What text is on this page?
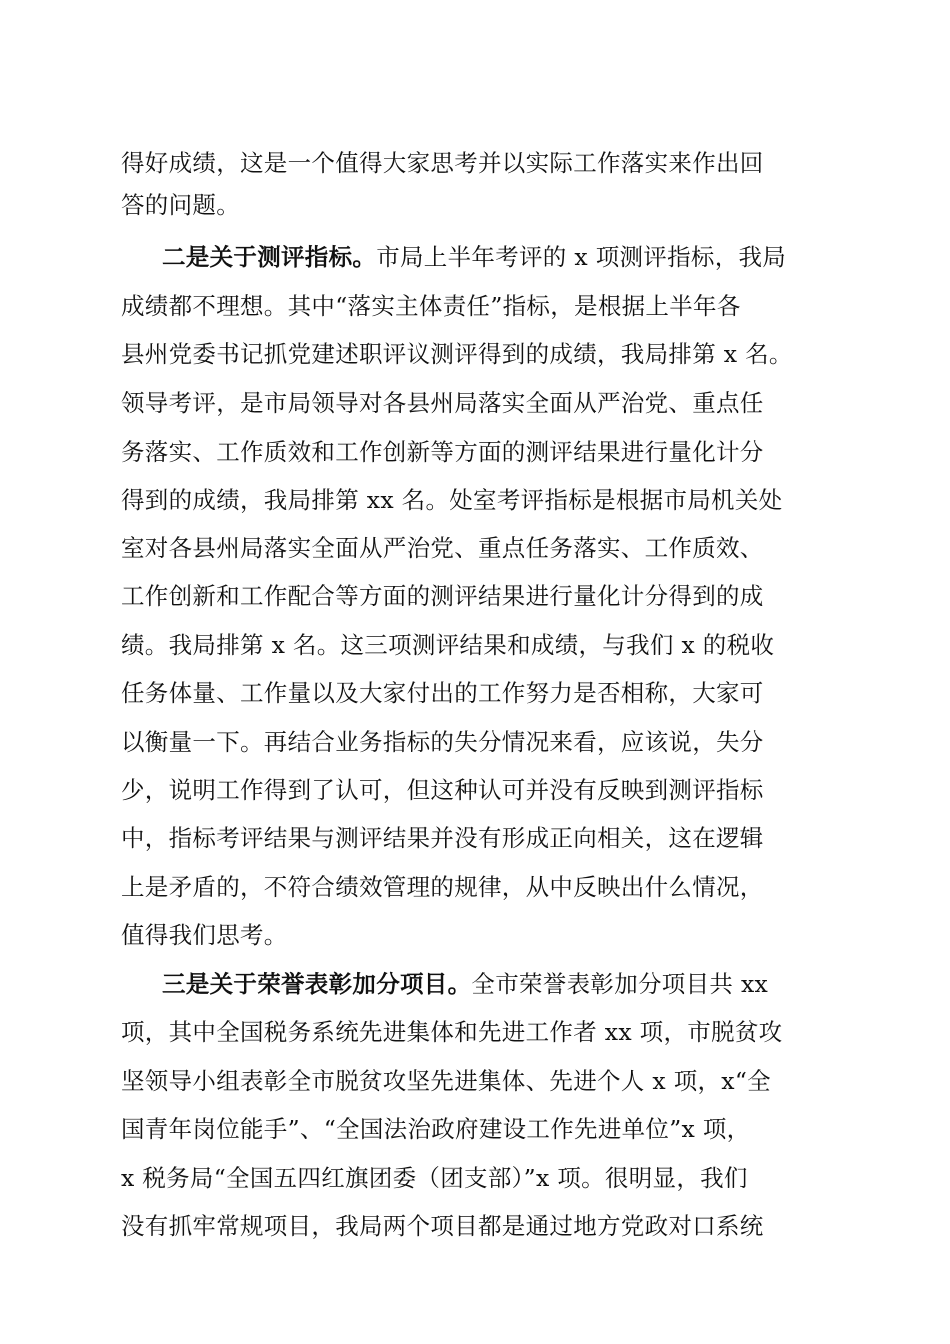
得好成绩，这是一个值得大家思考并以实际工作落实来作出回
答的问题。
二是关于测评指标。市局上半年考评的 x 项测评指标，我局
成绩都不理想。其中“落实主体责任”指标，是根据上半年各
县州党委书记抓党建述职评议测评得到的成绩，我局排第 x 名。
领导考评，是市局领导对各县州局落实全面从严治党、重点任
务落实、工作质效和工作创新等方面的测评结果进行量化计分
得到的成绩，我局排第 xx 名。处室考评指标是根据市局机关处
室对各县州局落实全面从严治党、重点任务落实、工作质效、
工作创新和工作配合等方面的测评结果进行量化计分得到的成
绩。我局排第 x 名。这三项测评结果和成绩，与我们 x 的税收
任务体量、工作量以及大家付出的工作努力是否相称，大家可
以衡量一下。再结合业务指标的失分情况来看，应该说，失分
少，说明工作得到了认可，但这种认可并没有反映到测评指标
中，指标考评结果与测评结果并没有形成正向相关，这在逻辑
上是矛盾的，不符合绩效管理的规律，从中反映出什么情况，
值得我们思考。
三是关于荣誉表彰加分项目。全市荣誉表彰加分项目共 xx
项，其中全国税务系统先进集体和先进工作者 xx 项，市脱贫攻
坚领导小组表彰全市脱贫攻坚先进集体、先进个人 x 项，x“全
国青年岗位能手”、“全国法治政府建设工作先进单位”x 项，
x 税务局“全国五四红旗团委（团支部）”x 项。很明显，我们
没有抓牢常规项目，我局两个项目都是通过地方党政对口系统
